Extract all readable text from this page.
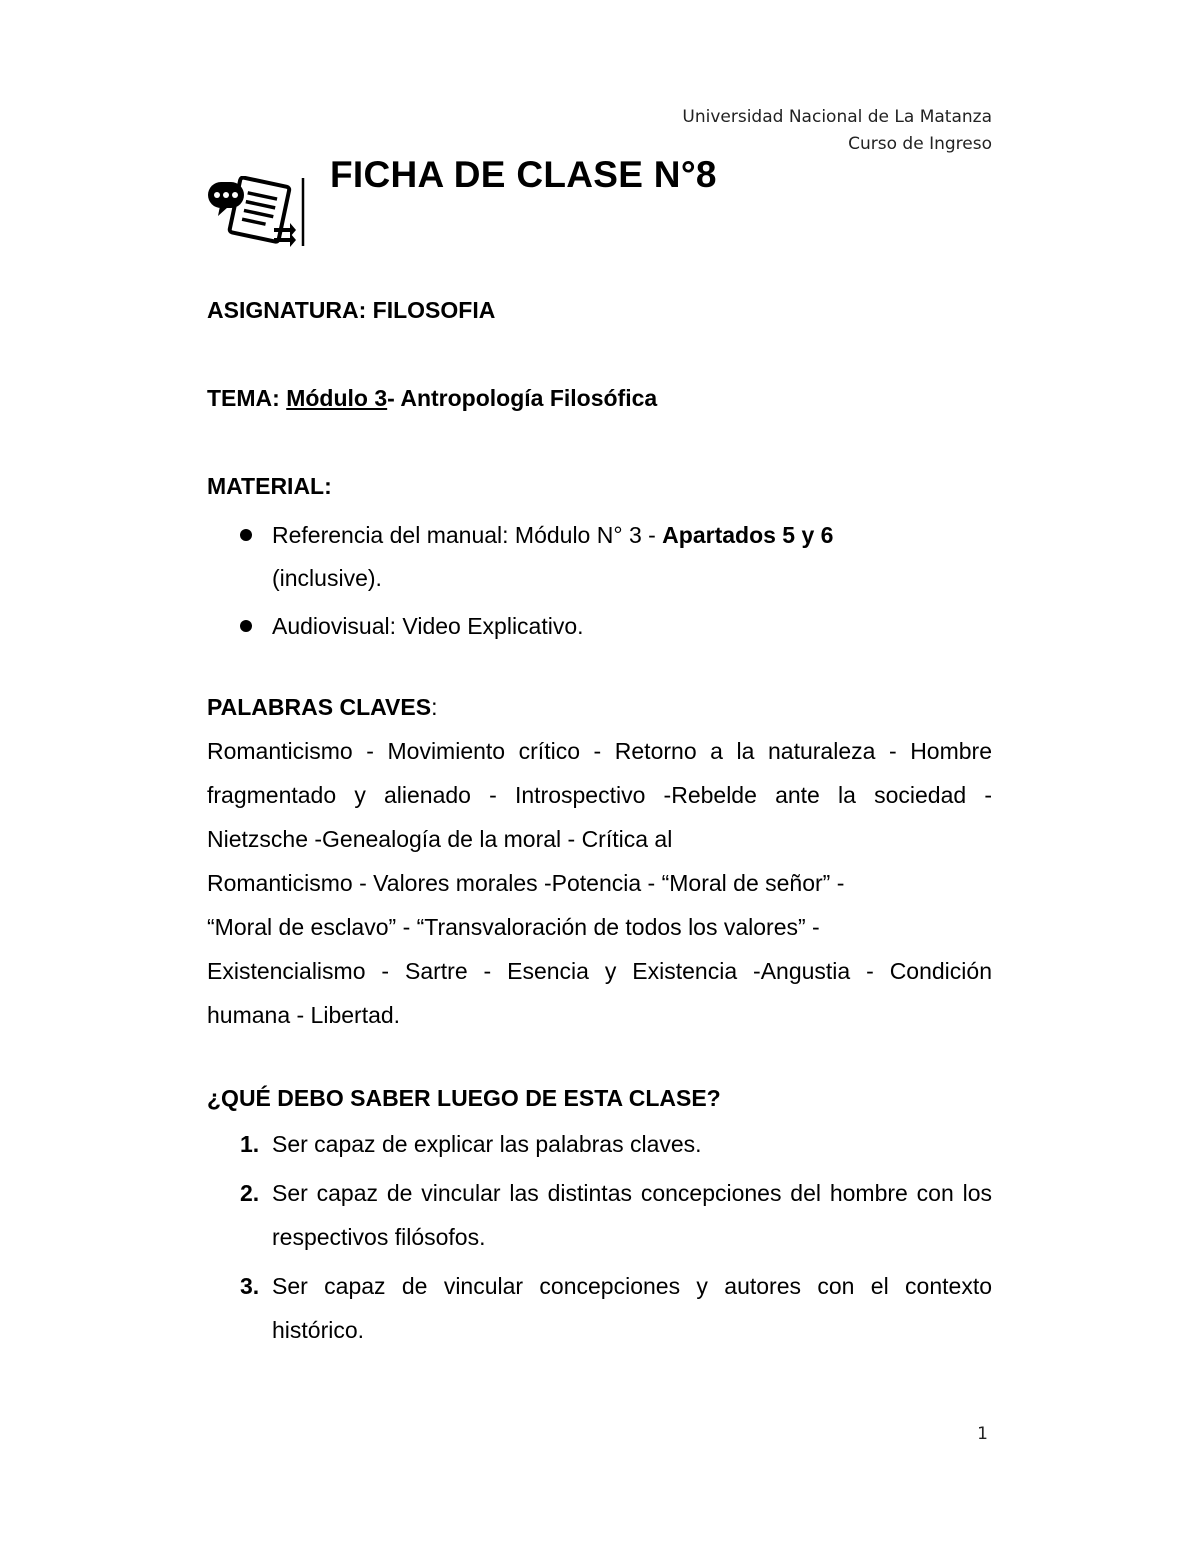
Universidad Nacional de La Matanza
Curso de Ingreso
FICHA DE CLASE N°8

ASIGNATURA: FILOSOFIA

TEMA: Módulo 3- Antropología Filosófica

MATERIAL:

Referencia del manual: Módulo N° 3 - Apartados 5 y 6
(inclusive).
Audiovisual: Video Explicativo.

PALABRAS CLAVES:

Romanticismo - Movimiento crítico - Retorno a la naturaleza - Hombre fragmentado y alienado - Introspectivo -Rebelde ante la sociedad - Nietzsche -Genealogía de la moral - Crítica al
Romanticismo - Valores morales -Potencia - “Moral de señor” -
“Moral de esclavo” - “Transvaloración de todos los valores” -
Existencialismo - Sartre - Esencia y Existencia -Angustia - Condición humana - Libertad.

¿QUÉ DEBO SABER LUEGO DE ESTA CLASE?

1. Ser capaz de explicar las palabras claves.
2. Ser capaz de vincular las distintas concepciones del hombre con los respectivos filósofos.
3. Ser capaz de vincular concepciones y autores con el contexto histórico.
1
